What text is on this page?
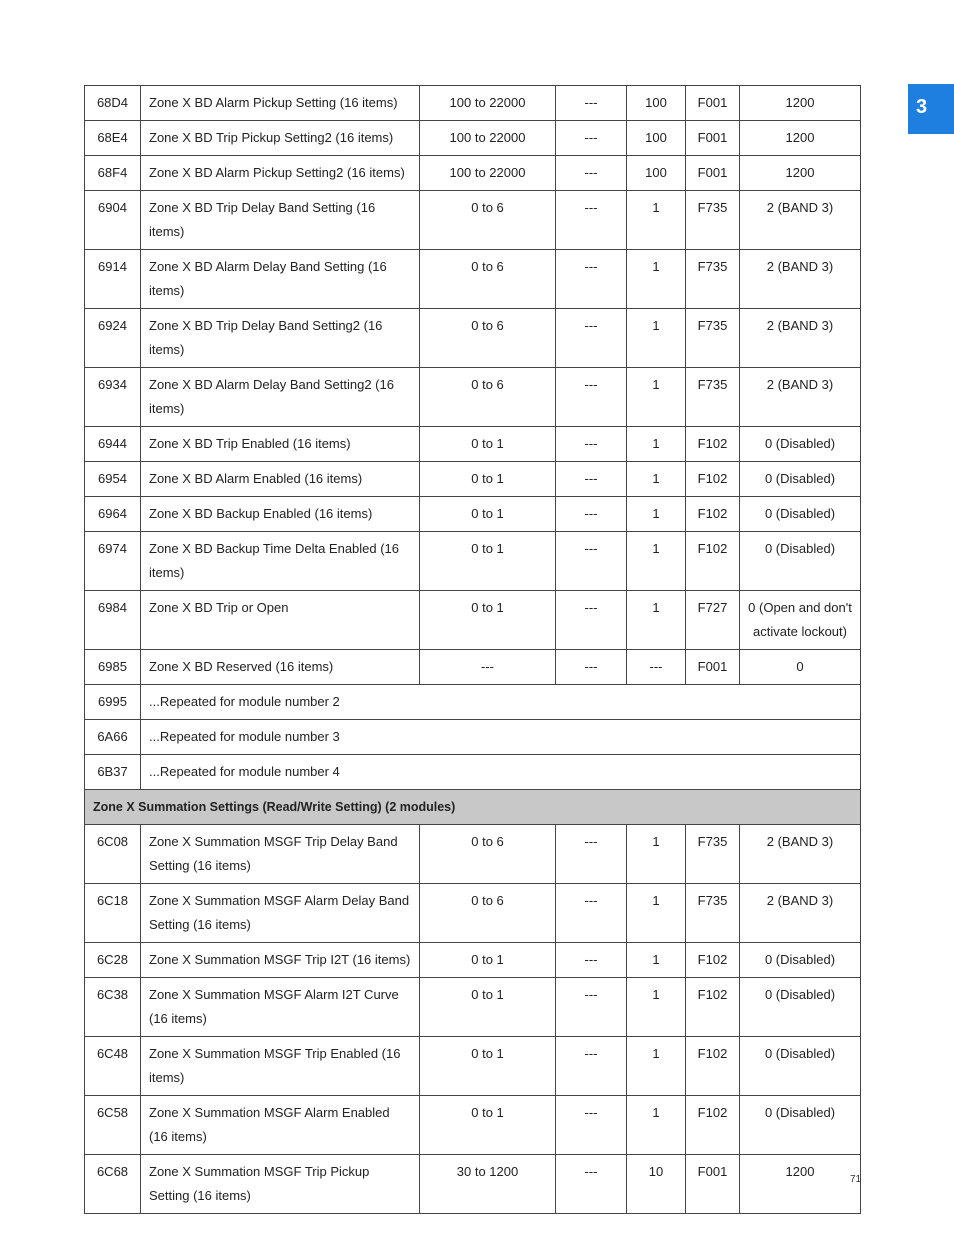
3
68D4	Zone X BD Alarm Pickup Setting (16 items)	100 to 22000	---	100	F001	1200
68E4	Zone X BD Trip Pickup Setting2 (16 items)	100 to 22000	---	100	F001	1200
68F4	Zone X BD Alarm Pickup Setting2 (16 items)	100 to 22000	---	100	F001	1200
6904	Zone X BD Trip Delay Band Setting (16 items)	0 to 6	---	1	F735	2 (BAND 3)
6914	Zone X BD Alarm Delay Band Setting (16 items)	0 to 6	---	1	F735	2 (BAND 3)
6924	Zone X BD Trip Delay Band Setting2 (16 items)	0 to 6	---	1	F735	2 (BAND 3)
6934	Zone X BD Alarm Delay Band Setting2 (16 items)	0 to 6	---	1	F735	2 (BAND 3)
6944	Zone X BD Trip Enabled (16 items)	0 to 1	---	1	F102	0 (Disabled)
6954	Zone X BD Alarm Enabled (16 items)	0 to 1	---	1	F102	0 (Disabled)
6964	Zone X BD Backup Enabled (16 items)	0 to 1	---	1	F102	0 (Disabled)
6974	Zone X BD Backup Time Delta Enabled (16 items)	0 to 1	---	1	F102	0 (Disabled)
6984	Zone X BD Trip or Open	0 to 1	---	1	F727	0 (Open and don't activate lockout)
6985	Zone X BD Reserved (16 items)	---	---	---	F001	0
6995	...Repeated for module number 2					
6A66	...Repeated for module number 3					
6B37	...Repeated for module number 4					
Zone X Summation Settings (Read/Write Setting) (2 modules)						
6C08	Zone X Summation MSGF Trip Delay Band Setting (16 items)	0 to 6	---	1	F735	2 (BAND 3)
6C18	Zone X Summation MSGF Alarm Delay Band Setting (16 items)	0 to 6	---	1	F735	2 (BAND 3)
6C28	Zone X Summation MSGF Trip I2T (16 items)	0 to 1	---	1	F102	0 (Disabled)
6C38	Zone X Summation MSGF Alarm I2T Curve (16 items)	0 to 1	---	1	F102	0 (Disabled)
6C48	Zone X Summation MSGF Trip Enabled (16 items)	0 to 1	---	1	F102	0 (Disabled)
6C58	Zone X Summation MSGF Alarm Enabled (16 items)	0 to 1	---	1	F102	0 (Disabled)
6C68	Zone X Summation MSGF Trip Pickup Setting (16 items)	30 to 1200	---	10	F001	1200
71
